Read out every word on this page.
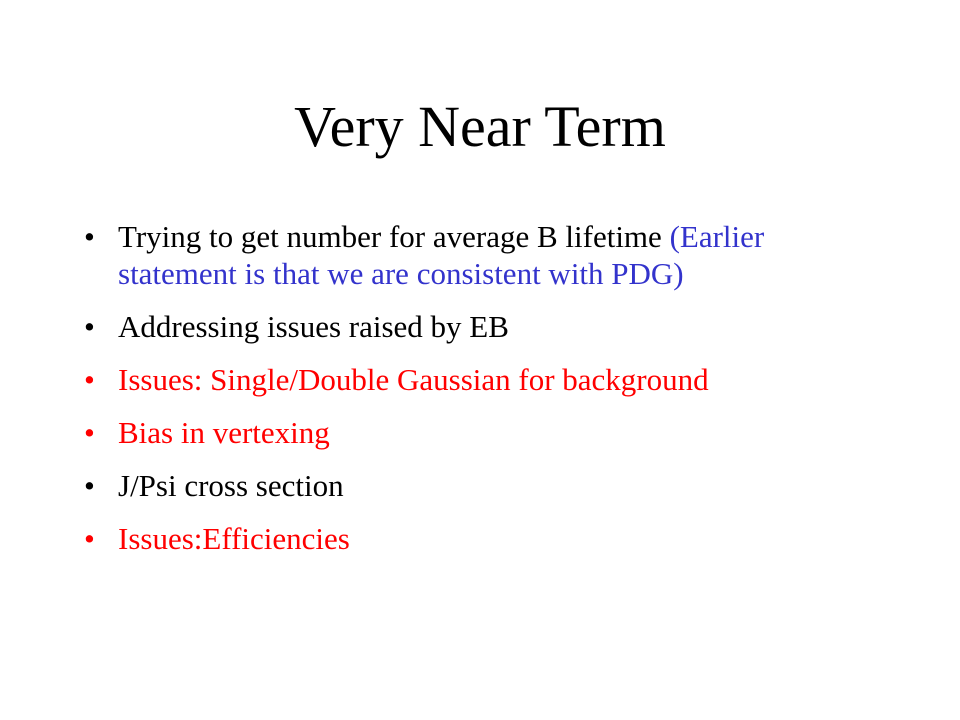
Very Near Term
• Trying to get number for average B lifetime (Earlier statement is that we are consistent with PDG)
• Addressing issues raised by EB
• Issues: Single/Double Gaussian for background
• Bias in vertexing
• J/Psi cross section
• Issues:Efficiencies
